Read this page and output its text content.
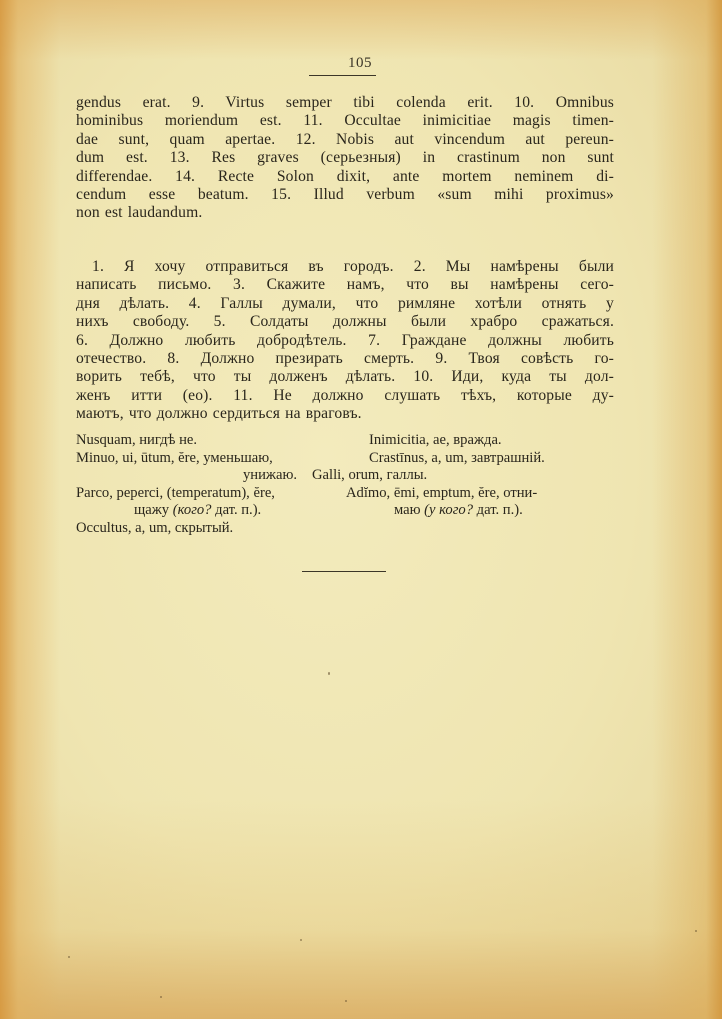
105
gendus erat. 9. Virtus semper tibi colenda erit. 10. Omnibus
hominibus moriendum est. 11. Occultae inimicitiae magis timen-
dae sunt, quam apertae. 12. Nobis aut vincendum aut pereun-
dum est. 13. Res graves (серьезныя) in crastinum non sunt
differendae. 14. Recte Solon dixit, ante mortem neminem di-
cendum esse beatum. 15. Illud verbum «sum mihi proximus»
non est laudandum.
1. Я хочу отправиться въ городъ. 2. Мы намѣрены были
написать письмо. 3. Скажите намъ, что вы намѣрены сего-
дня дѣлать. 4. Галлы думали, что римляне хотѣли отнять у
нихъ свободу. 5. Солдаты должны были храбро сражаться.
6. Должно любить добродѣтель. 7. Граждане должны любить
отечество. 8. Должно презирать смерть. 9. Твоя совѣсть го-
ворить тебѣ, что ты долженъ дѣлать. 10. Иди, куда ты дол-
женъ итти (eo). 11. Не должно слушать тѣхъ, которые ду-
маютъ, что должно сердиться на враговъ.
Nusquam, нигдѣ не.	Inimicitia, ae, вражда.
Minuo, ui, ūtum, ĕre, уменьшаю,	Crastīnus, a, um, завтрашній.
унижаю. Galli, orum, галлы.
Parco, peperci, (temperatum), ĕre,	Adĭmo, ēmi, emptum, ĕre, отни-
щажу (кого? дат. п.).	маю (у кого? дат. п.).
Occultus, a, um, скрытый.
